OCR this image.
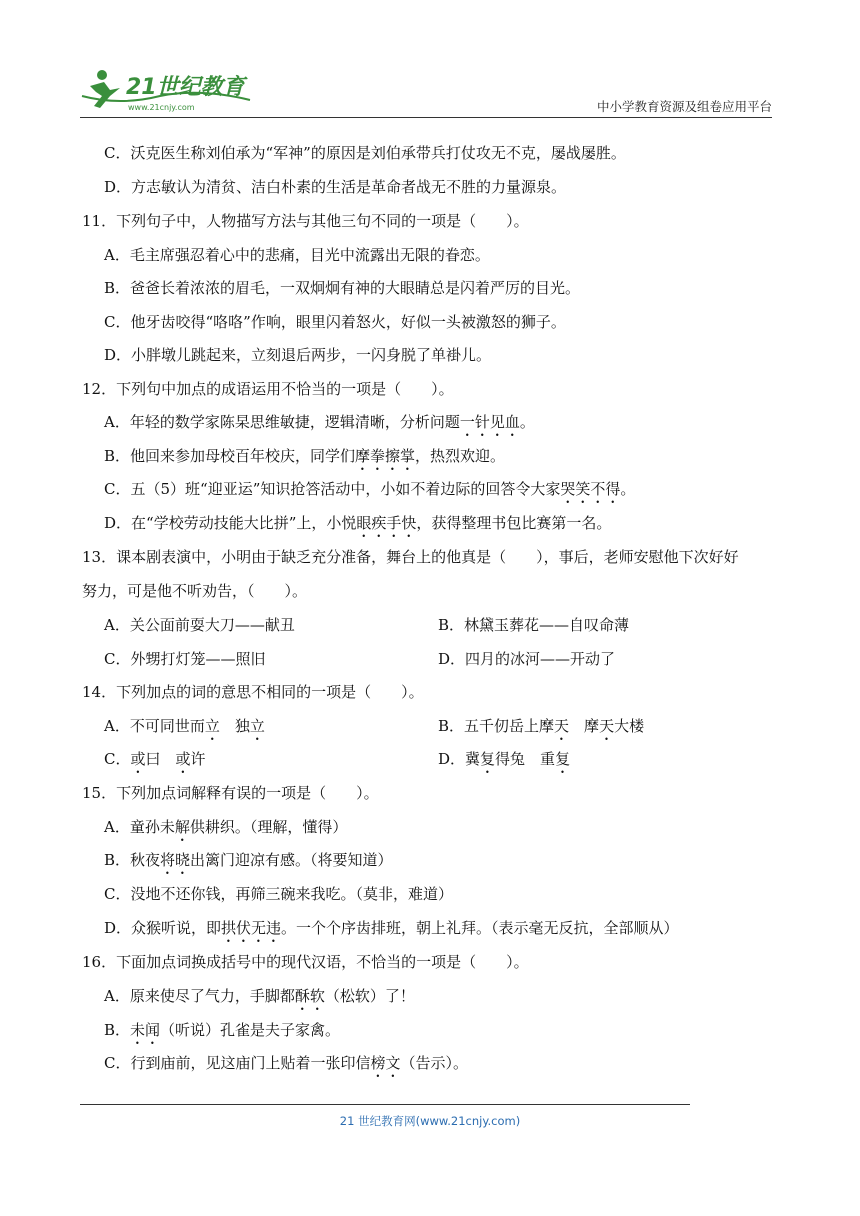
21世纪教育
www.21cnjy.com	中小学教育资源及组卷应用平台
C．沃克医生称刘伯承为“军神”的原因是刘伯承带兵打仗攻无不克，屡战屡胜。
D．方志敏认为清贫、洁白朴素的生活是革命者战无不胜的力量源泉。
11．下列句子中，人物描写方法与其他三句不同的一项是（　　）。
A．毛主席强忍着心中的悲痛，目光中流露出无限的眷恋。
B．爸爸长着浓浓的眉毛，一双炯炯有神的大眼睛总是闪着严厉的目光。
C．他牙齿咬得“咯咯”作响，眼里闪着怒火，好似一头被激怒的狮子。
D．小胖墩儿跳起来，立刻退后两步，一闪身脱了单褂儿。
12．下列句中加点的成语运用不恰当的一项是（　　）。
A．年轻的数学家陈杲思维敏捷，逻辑清晰，分析问题一针见血。
B．他回来参加母校百年校庆，同学们摩拳擦掌，热烈欢迎。
C．五（5）班“迎亚运”知识抢答活动中，小如不着边际的回答令大家哭笑不得。
D．在“学校劳动技能大比拼”上，小悦眼疾手快，获得整理书包比赛第一名。
13．课本剧表演中，小明由于缺乏充分准备，舞台上的他真是（　　），事后，老师安慰他下次好好
努力，可是他不听劝告，（　　）。
A．关公面前耍大刀——献丑	B．林黛玉葬花——自叹命薄
C．外甥打灯笼——照旧	D．四月的冰河——开动了
14．下列加点的词的意思不相同的一项是（　　）。
A．不可同世而立　独立	B．五千仞岳上摩天　摩天大楼
C．或曰　或许	D．冀复得兔　重复
15．下列加点词解释有误的一项是（　　）。
A．童孙未解供耕织。（理解，懂得）
B．秋夜将晓出篱门迎凉有感。（将要知道）
C．没地不还你钱，再筛三碗来我吃。（莫非，难道）
D．众猴听说，即拱伏无违。一个个序齿排班，朝上礼拜。（表示毫无反抗，全部顺从）
16．下面加点词换成括号中的现代汉语，不恰当的一项是（　　）。
A．原来使尽了气力，手脚都酥软（松软）了！
B．未闻（听说）孔雀是夫子家禽。
C．行到庙前，见这庙门上贴着一张印信榜文（告示）。
21 世纪教育网(www.21cnjy.com)
